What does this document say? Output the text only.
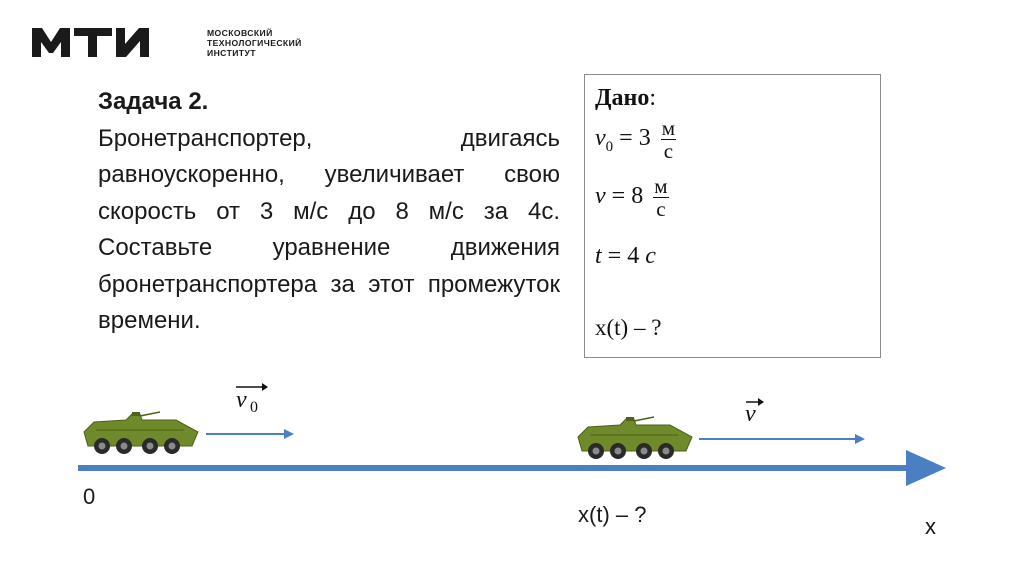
МОСКОВСКИЙ
ТЕХНОЛОГИЧЕСКИЙ
ИНСТИТУТ
Задача 2.
Бронетранспортер, двигаясь равноускоренно, увеличивает свою скорость от 3 м/с до 8 м/с за 4с. Составьте уравнение движения бронетранспортера за этот промежуток времени.
Дано:
$v_0 = 3 \frac{м}{с}$
$v = 8 \frac{м}{с}$
t = 4 с
x(t) – ?
v 0	v
0
x(t) – ?	x
